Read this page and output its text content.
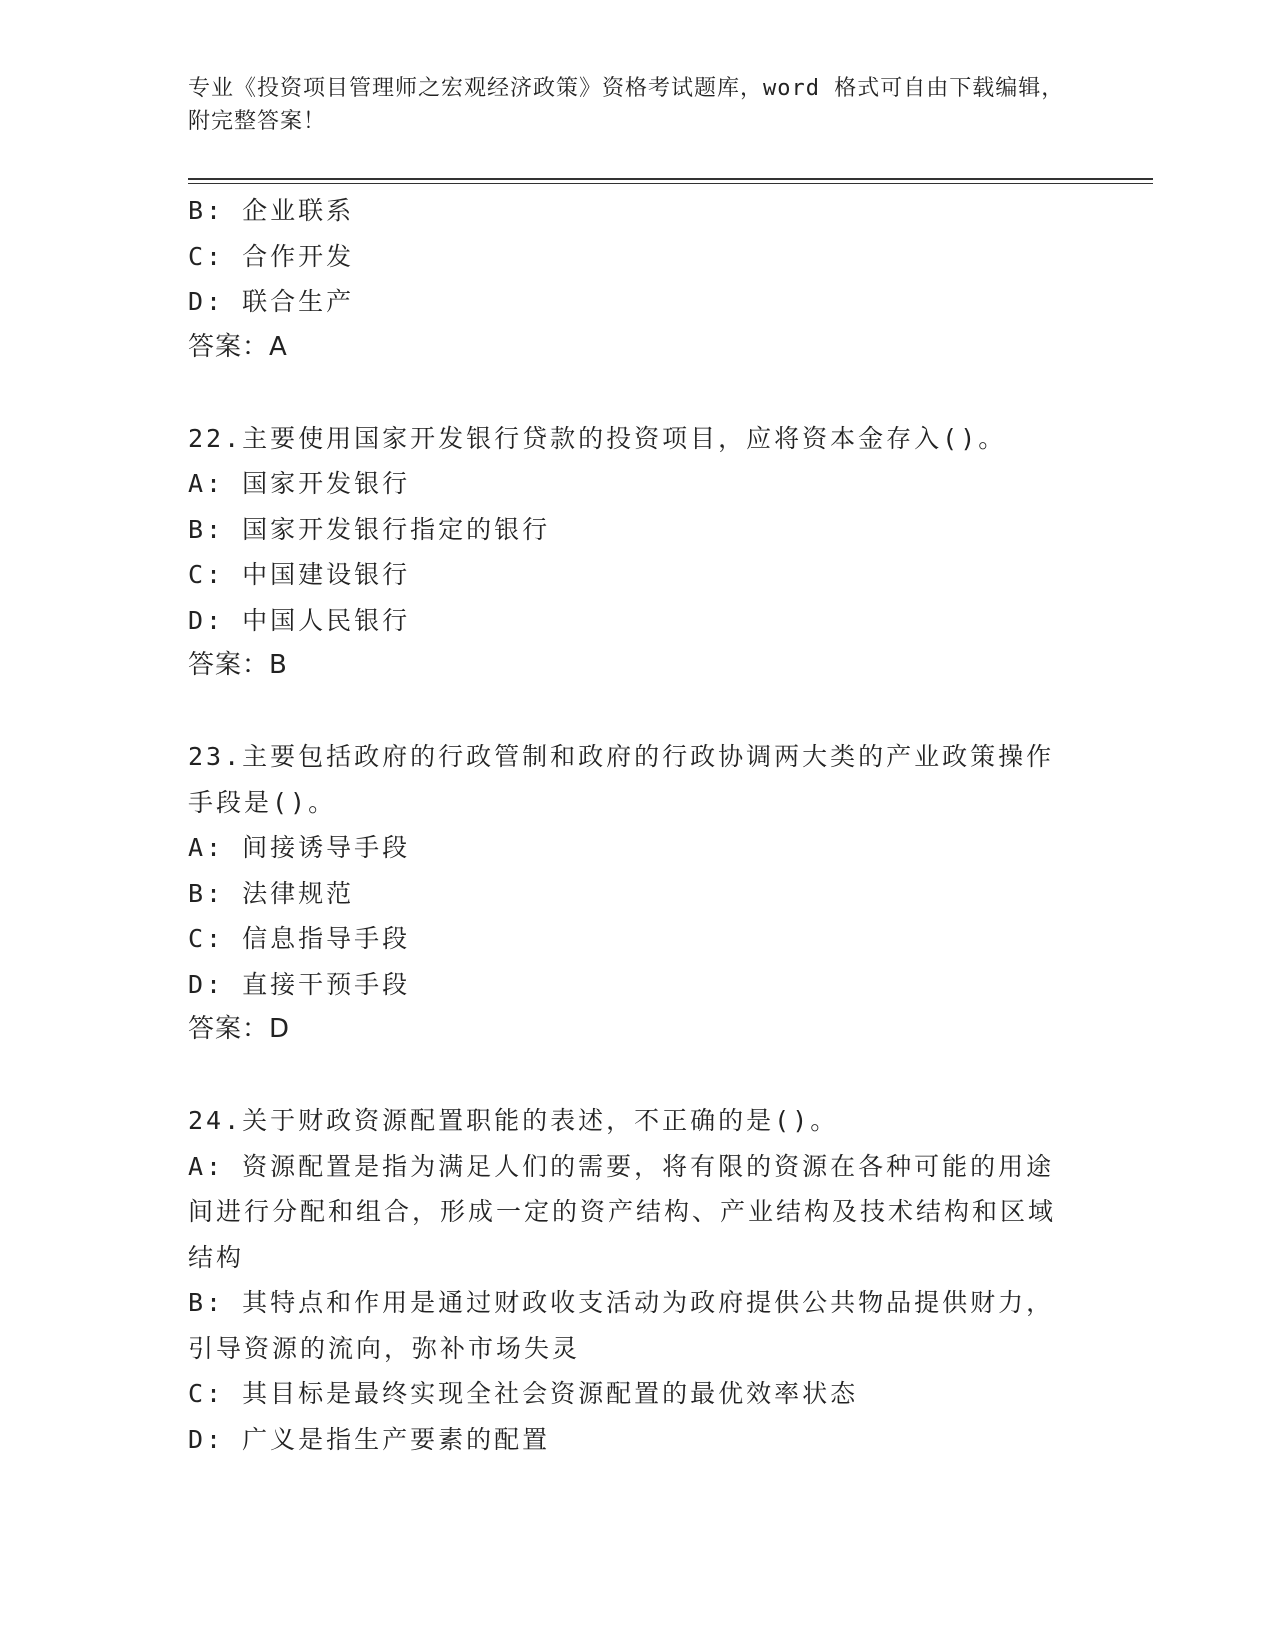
专业《投资项目管理师之宏观经济政策》资格考试题库，word 格式可自由下载编辑，附完整答案！
B: 企业联系
C: 合作开发
D: 联合生产
答案：A
22.主要使用国家开发银行贷款的投资项目，应将资本金存入()。
A: 国家开发银行
B: 国家开发银行指定的银行
C: 中国建设银行
D: 中国人民银行
答案：B
23.主要包括政府的行政管制和政府的行政协调两大类的产业政策操作手段是()。
A: 间接诱导手段
B: 法律规范
C: 信息指导手段
D: 直接干预手段
答案：D
24.关于财政资源配置职能的表述，不正确的是()。
A: 资源配置是指为满足人们的需要，将有限的资源在各种可能的用途间进行分配和组合，形成一定的资产结构、产业结构及技术结构和区域结构
B: 其特点和作用是通过财政收支活动为政府提供公共物品提供财力，引导资源的流向，弥补市场失灵
C: 其目标是最终实现全社会资源配置的最优效率状态
D: 广义是指生产要素的配置
